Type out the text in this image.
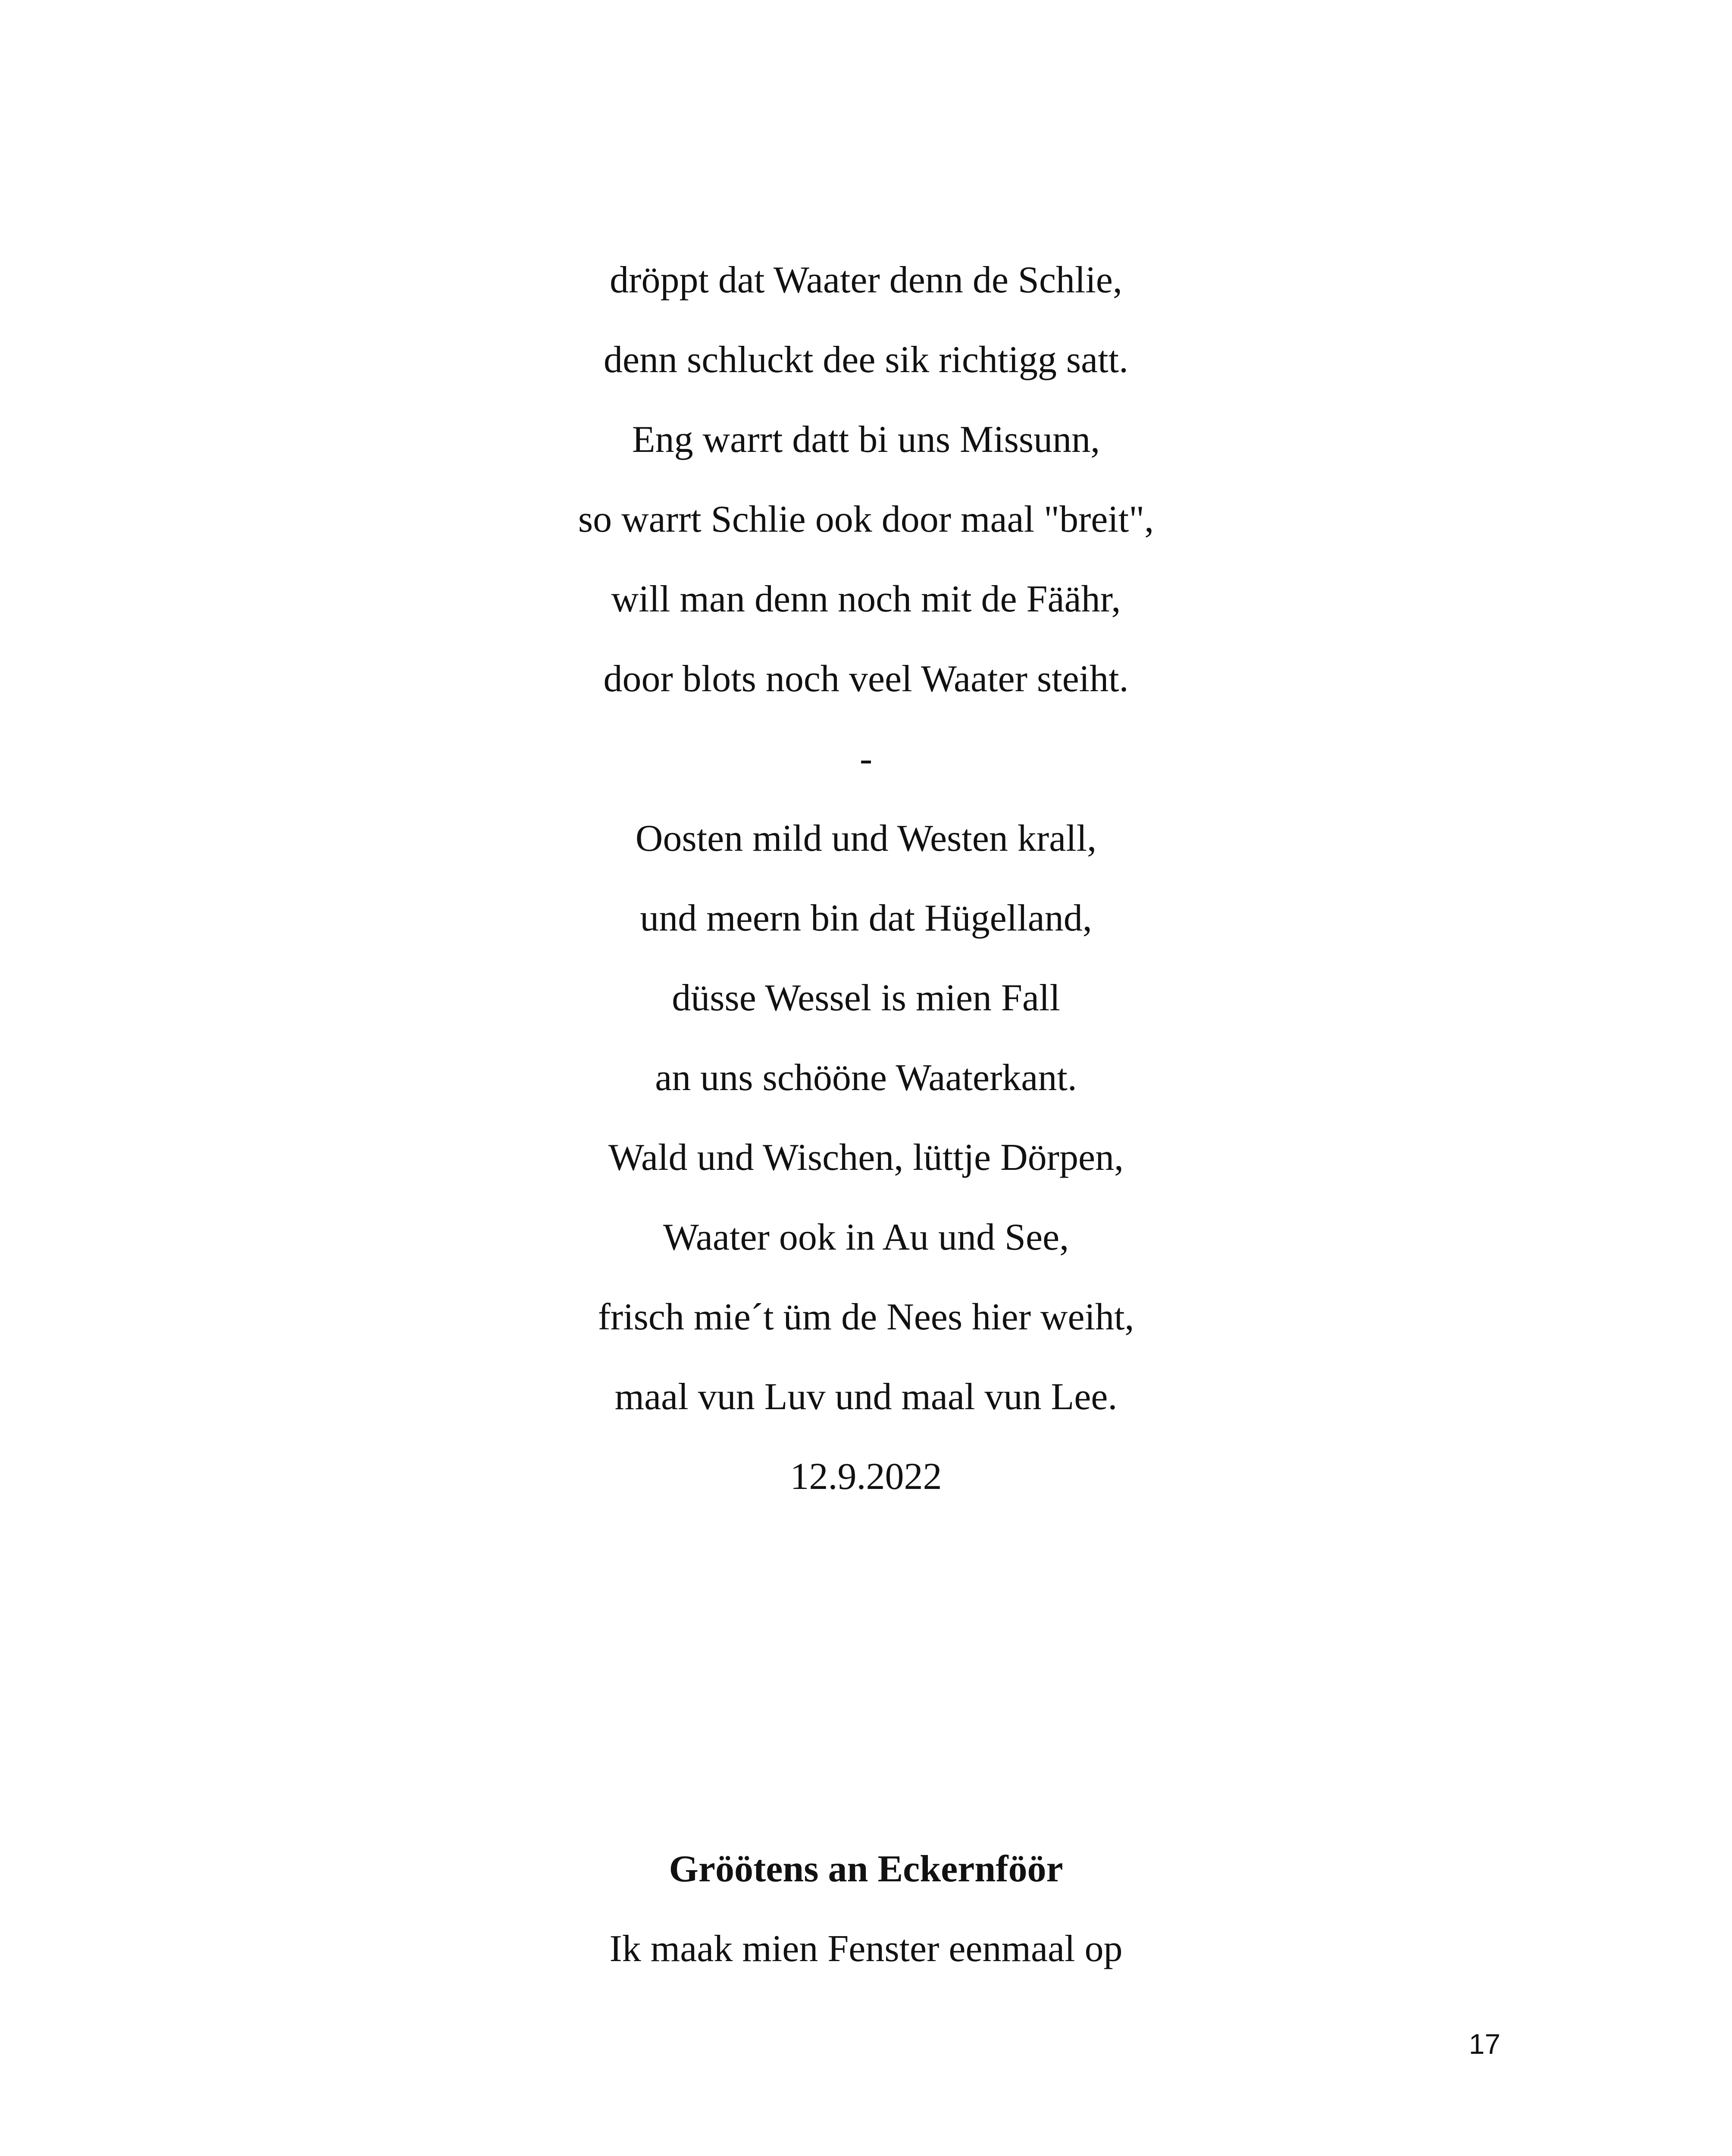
dröppt dat Waater denn de Schlie,
denn schluckt dee sik richtigg satt.
Eng warrt datt bi uns Missunn,
so warrt Schlie ook door maal "breit",
will man denn noch mit de Fäähr,
door blots noch veel Waater steiht.
-
Oosten mild und Westen krall,
und meern bin dat Hügelland,
düsse Wessel is mien Fall
an uns schööne Waaterkant.
Wald und Wischen, lüttje Dörpen,
Waater ook in Au und See,
frisch mie´t üm de Nees hier weiht,
maal vun Luv und maal vun Lee.
12.9.2022
Gröötens an Eckernföör
Ik maak mien Fenster eenmaal op
17
